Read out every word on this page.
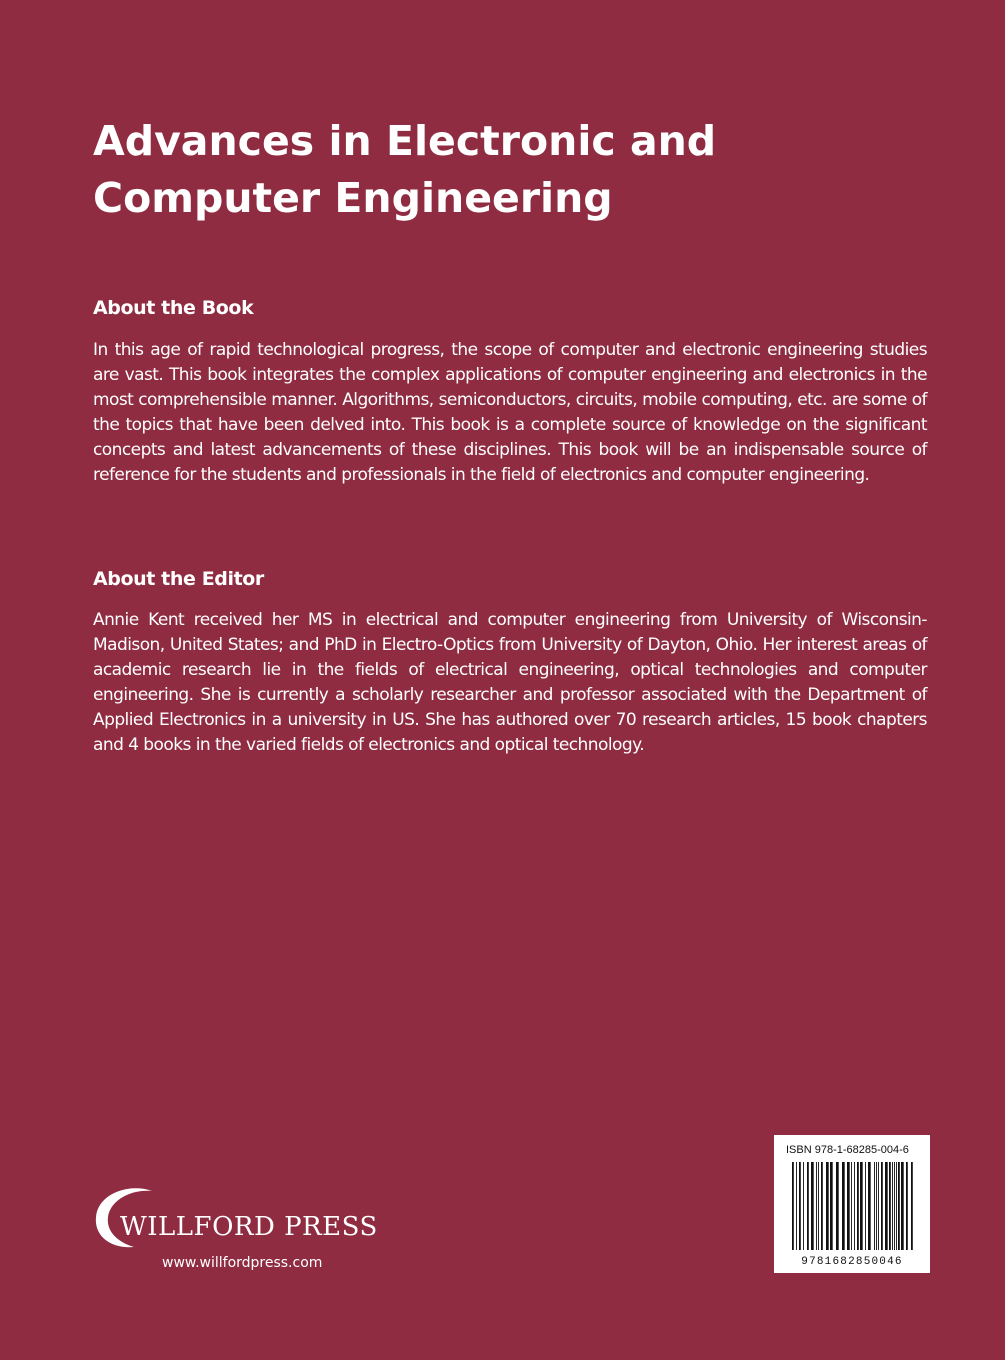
Advances in Electronic and Computer Engineering
About the Book

In this age of rapid technological progress, the scope of computer and electronic engineering studies are vast. This book integrates the complex applications of computer engineering and electronics in the most comprehensible manner. Algorithms, semiconductors, circuits, mobile computing, etc. are some of the topics that have been delved into. This book is a complete source of knowledge on the significant concepts and latest advancements of these disciplines. This book will be an indispensable source of reference for the students and professionals in the field of electronics and computer engineering.

About the Editor

Annie Kent received her MS in electrical and computer engineering from University of Wisconsin-Madison, United States; and PhD in Electro-Optics from University of Dayton, Ohio. Her interest areas of academic research lie in the fields of electrical engineering, optical technologies and computer engineering. She is currently a scholarly researcher and professor associated with the Department of Applied Electronics in a university in US. She has authored over 70 research articles, 15 book chapters and 4 books in the varied fields of electronics and optical technology.

WILLFORD PRESS
www.willfordpress.com
ISBN 978-1-68285-004-6
9781682850046
